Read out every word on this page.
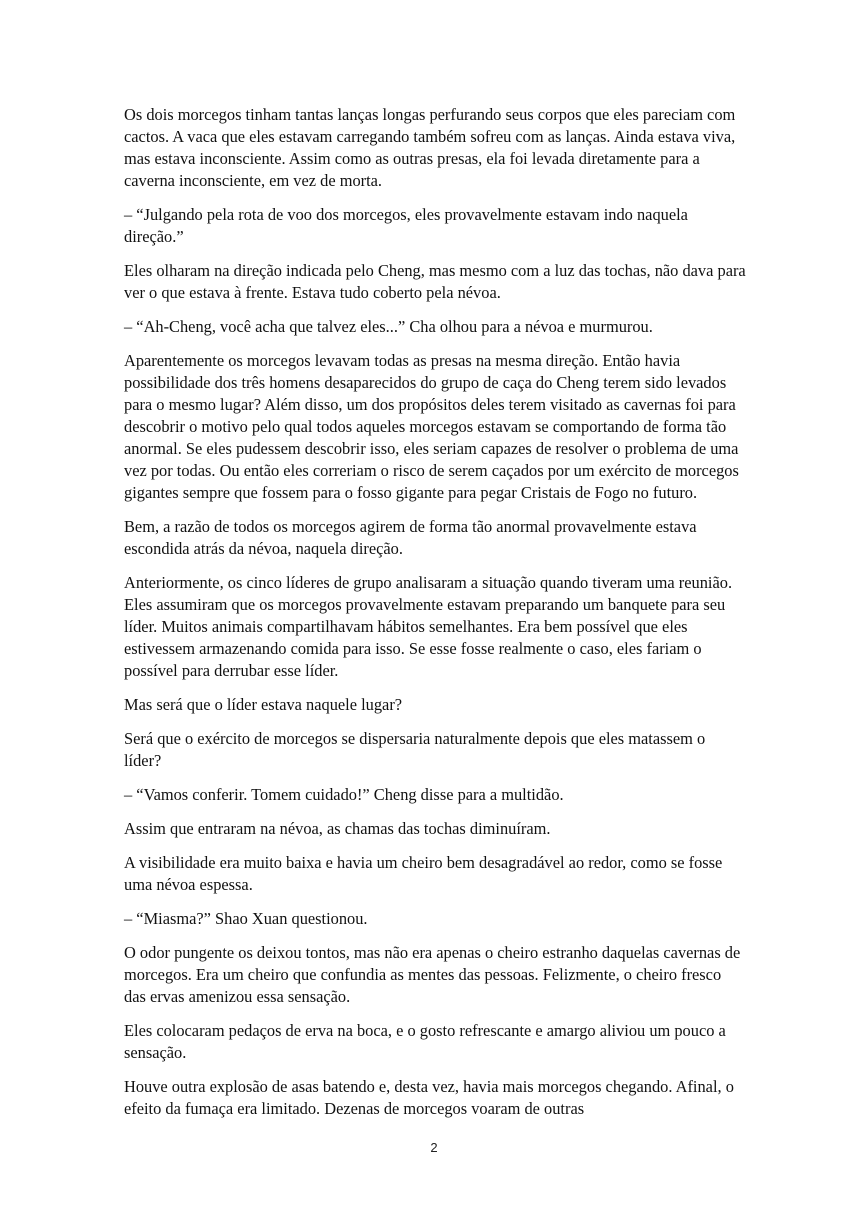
Os dois morcegos tinham tantas lanças longas perfurando seus corpos que eles pareciam com cactos. A vaca que eles estavam carregando também sofreu com as lanças. Ainda estava viva, mas estava inconsciente. Assim como as outras presas, ela foi levada diretamente para a caverna inconsciente, em vez de morta.

– “Julgando pela rota de voo dos morcegos, eles provavelmente estavam indo naquela direção.”

Eles olharam na direção indicada pelo Cheng, mas mesmo com a luz das tochas, não dava para ver o que estava à frente. Estava tudo coberto pela névoa.

– “Ah-Cheng, você acha que talvez eles...” Cha olhou para a névoa e murmurou.

Aparentemente os morcegos levavam todas as presas na mesma direção. Então havia possibilidade dos três homens desaparecidos do grupo de caça do Cheng terem sido levados para o mesmo lugar? Além disso, um dos propósitos deles terem visitado as cavernas foi para descobrir o motivo pelo qual todos aqueles morcegos estavam se comportando de forma tão anormal. Se eles pudessem descobrir isso, eles seriam capazes de resolver o problema de uma vez por todas. Ou então eles correriam o risco de serem caçados por um exército de morcegos gigantes sempre que fossem para o fosso gigante para pegar Cristais de Fogo no futuro.

Bem, a razão de todos os morcegos agirem de forma tão anormal provavelmente estava escondida atrás da névoa, naquela direção.

Anteriormente, os cinco líderes de grupo analisaram a situação quando tiveram uma reunião. Eles assumiram que os morcegos provavelmente estavam preparando um banquete para seu líder. Muitos animais compartilhavam hábitos semelhantes. Era bem possível que eles estivessem armazenando comida para isso. Se esse fosse realmente o caso, eles fariam o possível para derrubar esse líder.

Mas será que o líder estava naquele lugar?

Será que o exército de morcegos se dispersaria naturalmente depois que eles matassem o líder?

– “Vamos conferir. Tomem cuidado!” Cheng disse para a multidão.

Assim que entraram na névoa, as chamas das tochas diminuíram.

A visibilidade era muito baixa e havia um cheiro bem desagradável ao redor, como se fosse uma névoa espessa.

– “Miasma?” Shao Xuan questionou.

O odor pungente os deixou tontos, mas não era apenas o cheiro estranho daquelas cavernas de morcegos. Era um cheiro que confundia as mentes das pessoas. Felizmente, o cheiro fresco das ervas amenizou essa sensação.

Eles colocaram pedaços de erva na boca, e o gosto refrescante e amargo aliviou um pouco a sensação.

Houve outra explosão de asas batendo e, desta vez, havia mais morcegos chegando. Afinal, o efeito da fumaça era limitado. Dezenas de morcegos voaram de outras

2
